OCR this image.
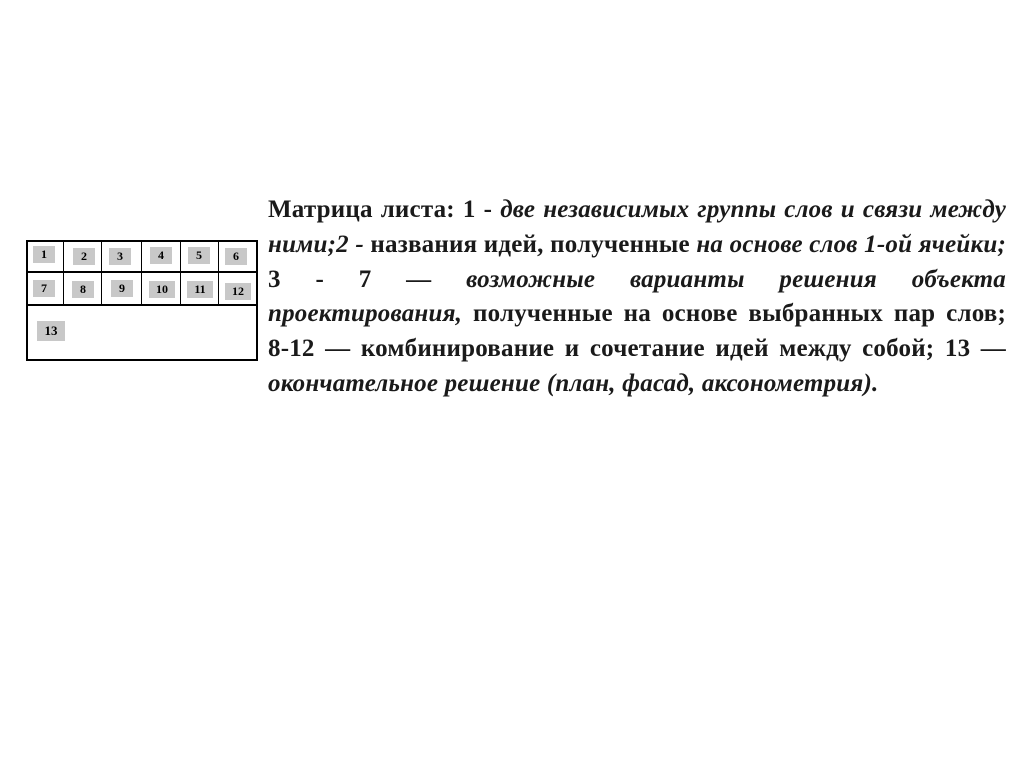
1	2	3	4	5	6
7	8	9	10	11	12
13
Матрица листа: 1 - две независимых группы слов и связи между ними;2 - названия идей, полученные на основе слов 1-ой ячейки; 3 - 7 — возможные варианты решения объекта проектирования, полученные на основе выбранных пар слов; 8-12 — комбинирование и сочетание идей между собой; 13 — окончательное решение (план, фасад, аксонометрия).
